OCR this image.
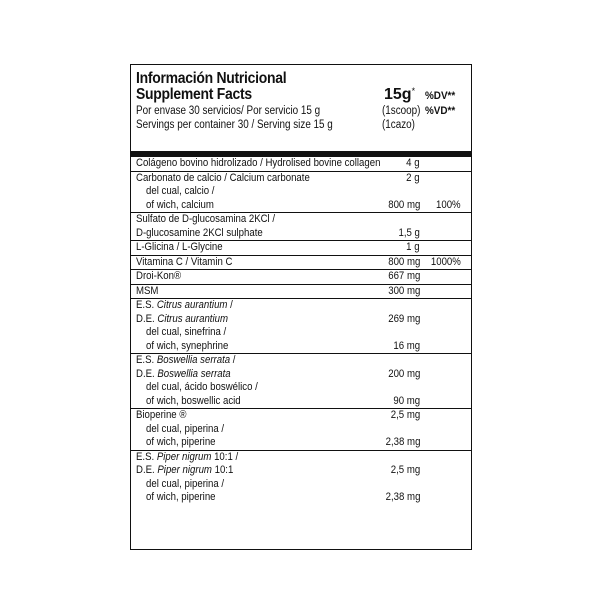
Información Nutricional
Supplement Facts	15g* %DV**
%VD**
Por envase 30 servicios/ Por servicio 15 g
Servings per container 30 / Serving size 15 g
(1scoop)
(1cazo)
Colágeno bovino hidrolizado / Hydrolised bovine collagen 4 g
Carbonato de calcio / Calcium carbonate	2 g
del cual, calcio /
of wich, calcium	800 mg 100%
Sulfato de D-glucosamina 2KCl /
D-glucosamine 2KCl sulphate	1,5 g
L-Glicina / L-Glycine	1 g
Vitamina C / Vitamin C	800 mg 1000%
Droi-Kon®	667 mg
MSM	300 mg
E.S. Citrus aurantium /
D.E. Citrus aurantium	269 mg
del cual, sinefrina /
of wich, synephrine	16 mg
E.S. Boswellia serrata /
D.E. Boswellia serrata	200 mg
del cual, ácido boswélico /
of wich, boswellic acid	90 mg
Bioperine ®	2,5 mg
del cual, piperina /
of wich, piperine	2,38 mg
E.S. Piper nigrum 10:1 /
D.E. Piper nigrum 10:1	2,5 mg
del cual, piperina /
of wich, piperine	2,38 mg
